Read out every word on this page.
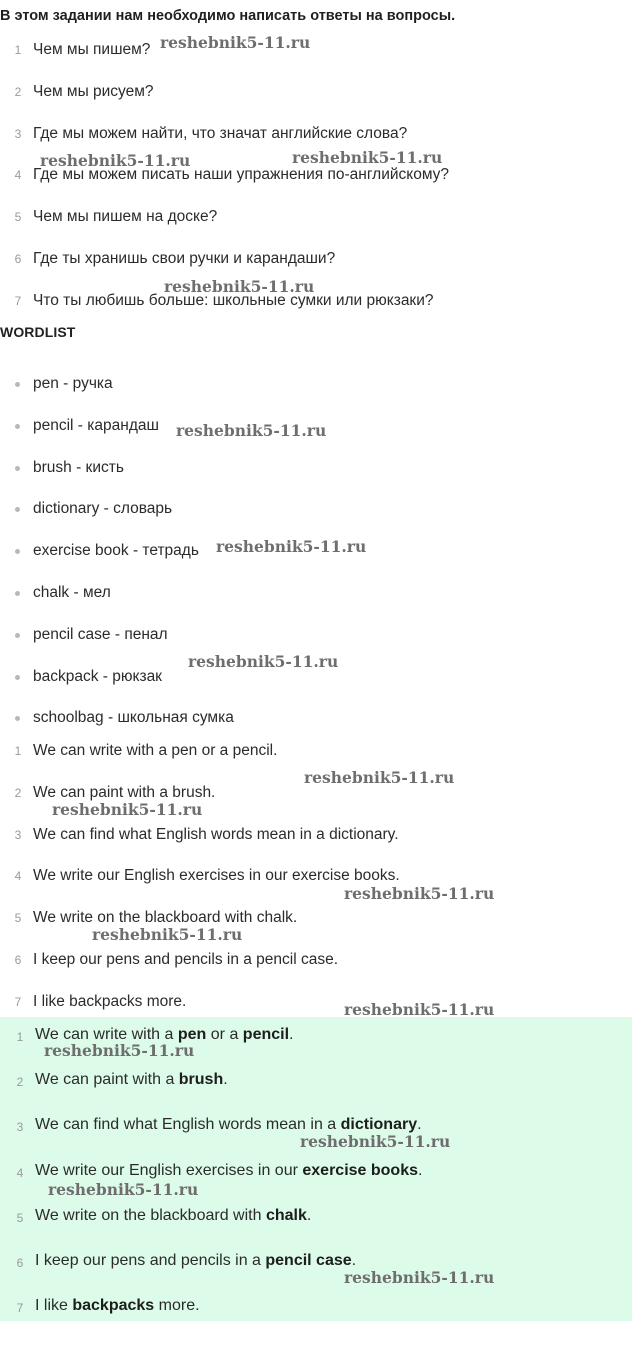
В этом задании нам необходимо написать ответы на вопросы.
1 Чем мы пишем?
2 Чем мы рисуем?
3 Где мы можем найти, что значат английские слова?
4 Где мы можем писать наши упражнения по-английскому?
5 Чем мы пишем на доске?
6 Где ты хранишь свои ручки и карандаши?
7 Что ты любишь больше: школьные сумки или рюкзаки?
WORDLIST
pen - ручка
pencil - карандаш
brush - кисть
dictionary - словарь
exercise book - тетрадь
chalk - мел
pencil case - пенал
backpack - рюкзак
schoolbag - школьная сумка
1 We can write with a pen or a pencil.
2 We can paint with a brush.
3 We can find what English words mean in a dictionary.
4 We write our English exercises in our exercise books.
5 We write on the blackboard with chalk.
6 I keep our pens and pencils in a pencil case.
7 I like backpacks more.
1 We can write with a pen or a pencil.
2 We can paint with a brush.
3 We can find what English words mean in a dictionary.
4 We write our English exercises in our exercise books.
5 We write on the blackboard with chalk.
6 I keep our pens and pencils in a pencil case.
7 I like backpacks more.
reshebnik5-11.ru
reshebnik5-11.ru	reshebnik5-11.ru
reshebnik5-11.ru
reshebnik5-11.ru
reshebnik5-11.ru
reshebnik5-11.ru
reshebnik5-11.ru
reshebnik5-11.ru
reshebnik5-11.ru
reshebnik5-11.ru
reshebnik5-11.ru
reshebnik5-11.ru
reshebnik5-11.ru
reshebnik5-11.ru
reshebnik5-11.ru
